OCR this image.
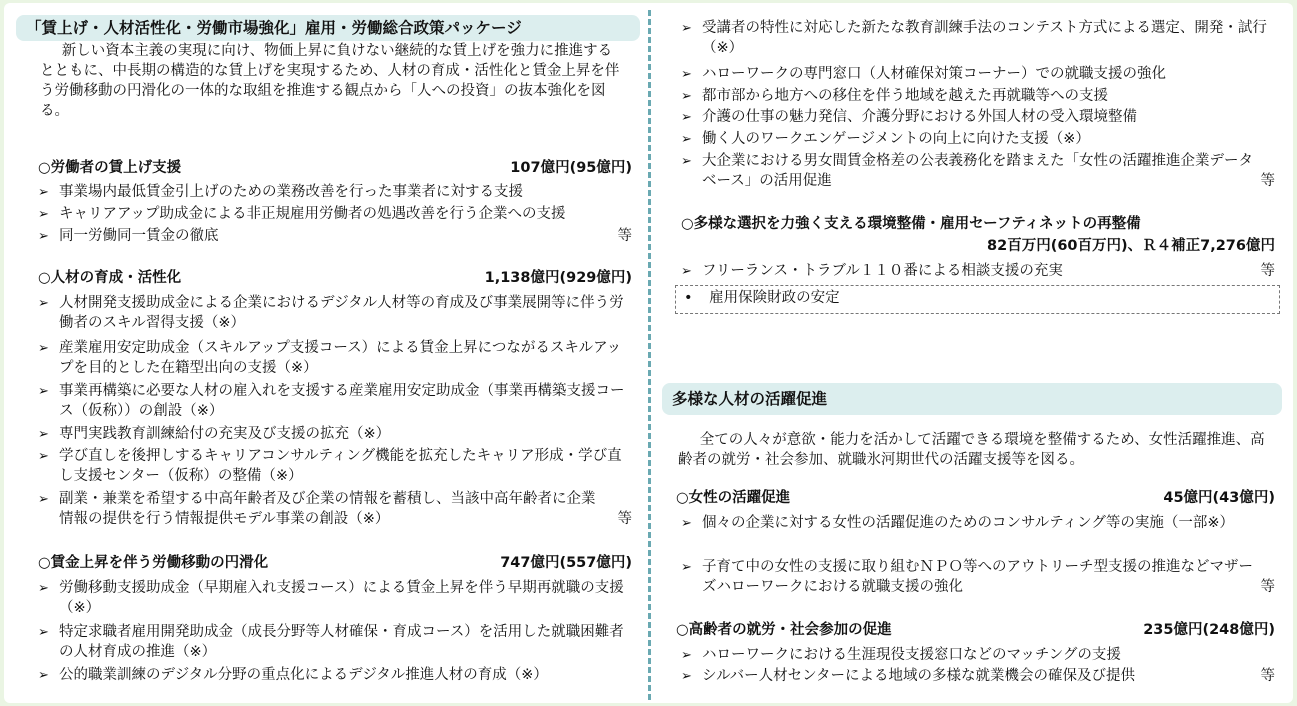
「賃上げ・人材活性化・労働市場強化」雇用・労働総合政策パッケージ

新しい資本主義の実現に向け、物価上昇に負けない継続的な賃上げを強力に推進するとともに、中長期の構造的な賃上げを実現するため、人材の育成・活性化と賃金上昇を伴う労働移動の円滑化の一体的な取組を推進する観点から「人への投資」の抜本強化を図る。

○労働者の賃上げ支援	107億円(95億円)
➢ 事業場内最低賃金引上げのための業務改善を行った事業者に対する支援
➢ キャリアアップ助成金による非正規雇用労働者の処遇改善を行う企業への支援
➢ 同一労働同一賃金の徹底	等
○人材の育成・活性化	1,138億円(929億円)
➢ 人材開発支援助成金による企業におけるデジタル人材等の育成及び事業展開等に伴う労働者のスキル習得支援（※）
➢ 産業雇用安定助成金（スキルアップ支援コース）による賃金上昇につながるスキルアップを目的とした在籍型出向の支援（※）
➢ 事業再構築に必要な人材の雇入れを支援する産業雇用安定助成金（事業再構築支援コース（仮称））の創設（※）
➢ 専門実践教育訓練給付の充実及び支援の拡充（※）
➢ 学び直しを後押しするキャリアコンサルティング機能を拡充したキャリア形成・学び直し支援センター（仮称）の整備（※）
➢ 副業・兼業を希望する中高年齢者及び企業の情報を蓄積し、当該中高年齢者に企業情報の提供を行う情報提供モデル事業の創設（※）	等
○賃金上昇を伴う労働移動の円滑化	747億円(557億円)
➢ 労働移動支援助成金（早期雇入れ支援コース）による賃金上昇を伴う早期再就職の支援（※）
➢ 特定求職者雇用開発助成金（成長分野等人材確保・育成コース）を活用した就職困難者の人材育成の推進（※）
➢ 公的職業訓練のデジタル分野の重点化によるデジタル推進人材の育成（※）
➢ 受講者の特性に対応した新たな教育訓練手法のコンテスト方式による選定、開発・試行（※）
➢ ハローワークの専門窓口（人材確保対策コーナー）での就職支援の強化
➢ 都市部から地方への移住を伴う地域を越えた再就職等への支援
➢ 介護の仕事の魅力発信、介護分野における外国人材の受入環境整備
➢ 働く人のワークエンゲージメントの向上に向けた支援（※）
➢ 大企業における男女間賃金格差の公表義務化を踏まえた「女性の活躍推進企業データベース」の活用促進	等
○多様な選択を力強く支える環境整備・雇用セーフティネットの再整備
82百万円(60百万円)、Ｒ４補正7,276億円
➢ フリーランス・トラブル１１０番による相談支援の充実	等
• 雇用保険財政の安定
多様な人材の活躍促進

全ての人々が意欲・能力を活かして活躍できる環境を整備するため、女性活躍推進、高齢者の就労・社会参加、就職氷河期世代の活躍支援等を図る。

○女性の活躍促進	45億円(43億円)
➢ 個々の企業に対する女性の活躍促進のためのコンサルティング等の実施（一部※）
➢ 子育て中の女性の支援に取り組むＮＰＯ等へのアウトリーチ型支援の推進などマザーズハローワークにおける就職支援の強化	等
○高齢者の就労・社会参加の促進	235億円(248億円)
➢ ハローワークにおける生涯現役支援窓口などのマッチングの支援
➢ シルバー人材センターによる地域の多様な就業機会の確保及び提供	等
